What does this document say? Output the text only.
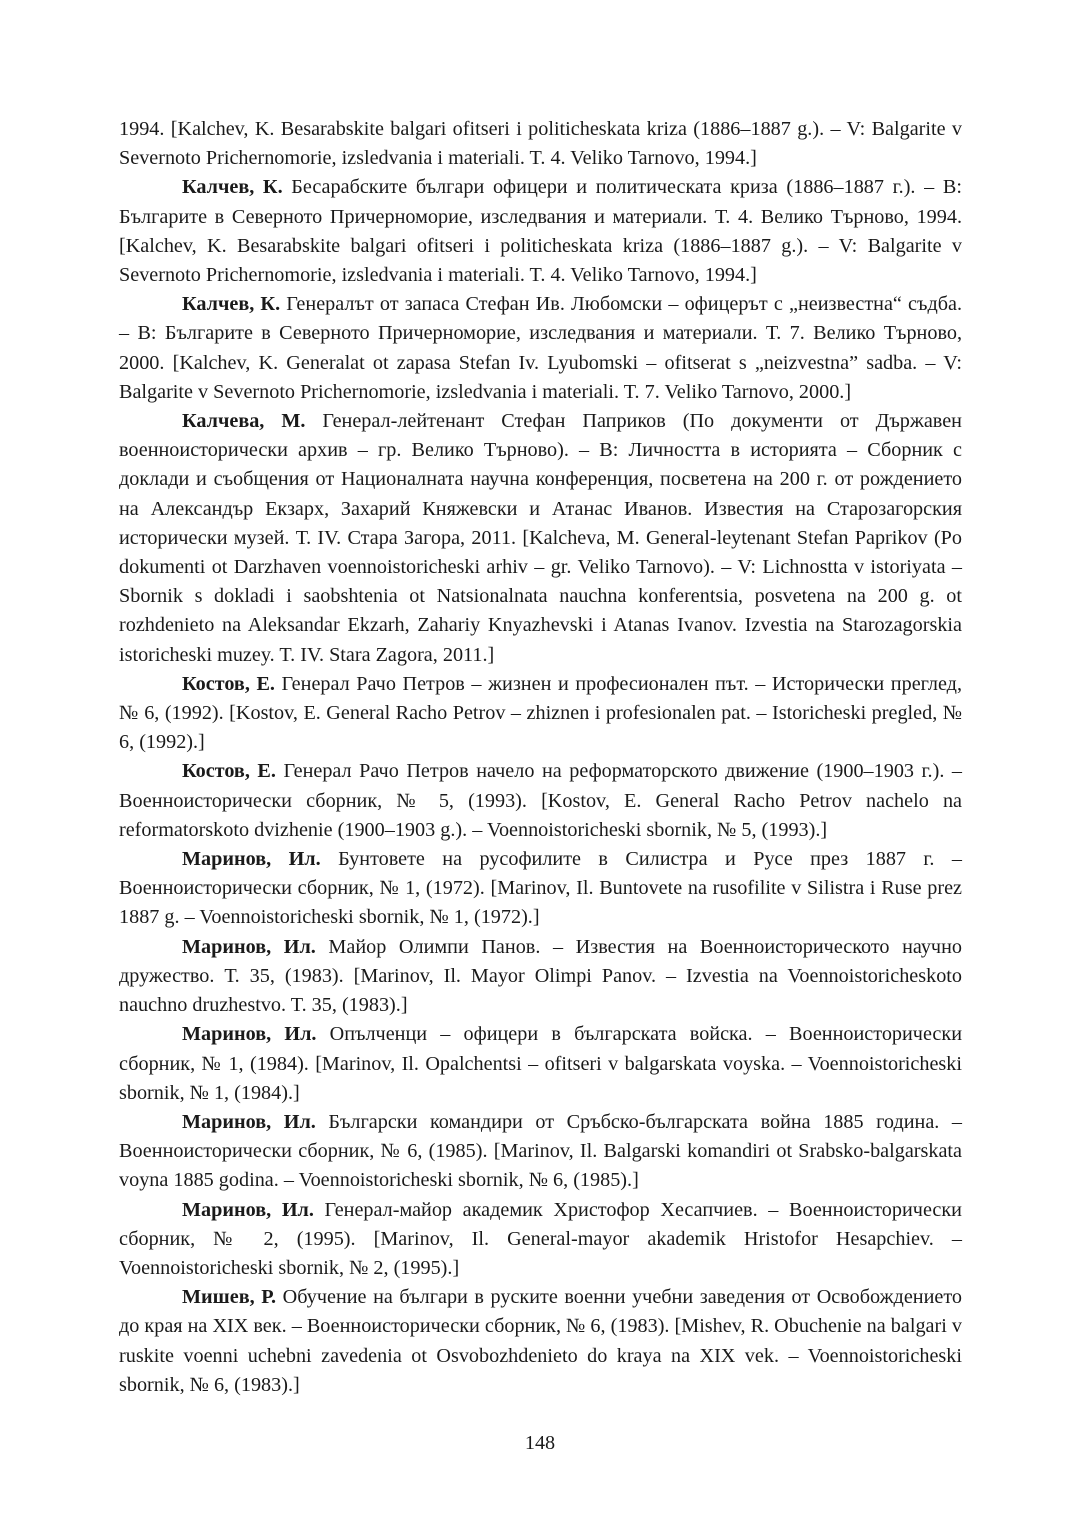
1994. [Kalchev, K. Besarabskite balgari ofitseri i politicheskata kriza (1886–1887 g.). – V: Balgarite v Severnoto Prichernomorie, izsledvania i materiali. T. 4. Veliko Tarnovo, 1994.]

Калчев, К. Бесарабските българи офицери и политическата криза (1886–1887 г.). – В: Българите в Северното Причерноморие, изследвания и материали. Т. 4. Велико Търново, 1994. [Kalchev, K. Besarabskite balgari ofitseri i politicheskata kriza (1886–1887 g.). – V: Balgarite v Severnoto Prichernomorie, izsledvania i materiali. T. 4. Veliko Tarnovo, 1994.]

Калчев, К. Генералът от запаса Стефан Ив. Любомски – офицерът с „неизвестна“ съдба. – В: Българите в Северното Причерноморие, изследвания и материали. Т. 7. Велико Търново, 2000. [Kalchev, K. Generalat ot zapasa Stefan Iv. Lyubomski – ofitserat s „neizvestna” sadba. – V: Balgarite v Severnoto Prichernomorie, izsledvania i materiali. T. 7. Veliko Tarnovo, 2000.]

Калчева, М. Генерал-лейтенант Стефан Паприков (По документи от Държавен военноисторически архив – гр. Велико Търново). – В: Личността в историята – Сборник с доклади и съобщения от Националната научна конференция, посветена на 200 г. от рождението на Александър Екзарх, Захарий Княжевски и Атанас Иванов. Известия на Старозагорския исторически музей. Т. IV. Стара Загора, 2011. [Kalcheva, M. General-leytenant Stefan Paprikov (Po dokumenti ot Darzhaven voennoistoricheski arhiv – gr. Veliko Tarnovo). – V: Lichnostta v istoriyata – Sbornik s dokladi i saobshtenia ot Natsionalnata nauchna konferentsia, posvetena na 200 g. ot rozhdenieto na Aleksandar Ekzarh, Zahariy Knyazhevski i Atanas Ivanov. Izvestia na Starozagorskia istoricheski muzey. T. IV. Stara Zagora, 2011.]

Костов, Е. Генерал Рачо Петров – жизнен и професионален път. – Исторически преглед, № 6, (1992). [Kostov, E. General Racho Petrov – zhiznen i profesionalen pat. – Istoricheski pregled, № 6, (1992).]

Костов, Е. Генерал Рачо Петров начело на реформаторското движение (1900–1903 г.). – Военноисторически сборник, № 5, (1993). [Kostov, E. General Racho Petrov nachelo na reformatorskoto dvizhenie (1900–1903 g.). – Voennoistoricheski sbornik, № 5, (1993).]

Маринов, Ил. Бунтовете на русофилите в Силистра и Русе през 1887 г. – Военноисторически сборник, № 1, (1972). [Marinov, Il. Buntovete na rusofilite v Silistra i Ruse prez 1887 g. – Voennoistoricheski sbornik, № 1, (1972).]

Маринов, Ил. Майор Олимпи Панов. – Известия на Военноисторическото научно дружество. Т. 35, (1983). [Marinov, Il. Mayor Olimpi Panov. – Izvestia na Voennoistoricheskoto nauchno druzhestvo. T. 35, (1983).]

Маринов, Ил. Опълченци – офицери в българската войска. – Военноисторически сборник, № 1, (1984). [Marinov, Il. Opalchentsi – ofitseri v balgarskata voyska. – Voennoistoricheski sbornik, № 1, (1984).]

Маринов, Ил. Български командири от Сръбско-българската война 1885 година. – Военноисторически сборник, № 6, (1985). [Marinov, Il. Balgarski komandiri ot Srabsko-balgarskata voyna 1885 godina. – Voennoistoricheski sbornik, № 6, (1985).]

Маринов, Ил. Генерал-майор академик Христофор Хесапчиев. – Военноисторически сборник, № 2, (1995). [Marinov, Il. General-mayor akademik Hristofor Hesapchiev. – Voennoistoricheski sbornik, № 2, (1995).]

Мишев, Р. Обучение на българи в руските военни учебни заведения от Освобождението до края на XIX век. – Военноисторически сборник, № 6, (1983). [Mishev, R. Obuchenie na balgari v ruskite voenni uchebni zavedenia ot Osvobozhdenieto do kraya na XIX vek. – Voennoistoricheski sbornik, № 6, (1983).]

148
